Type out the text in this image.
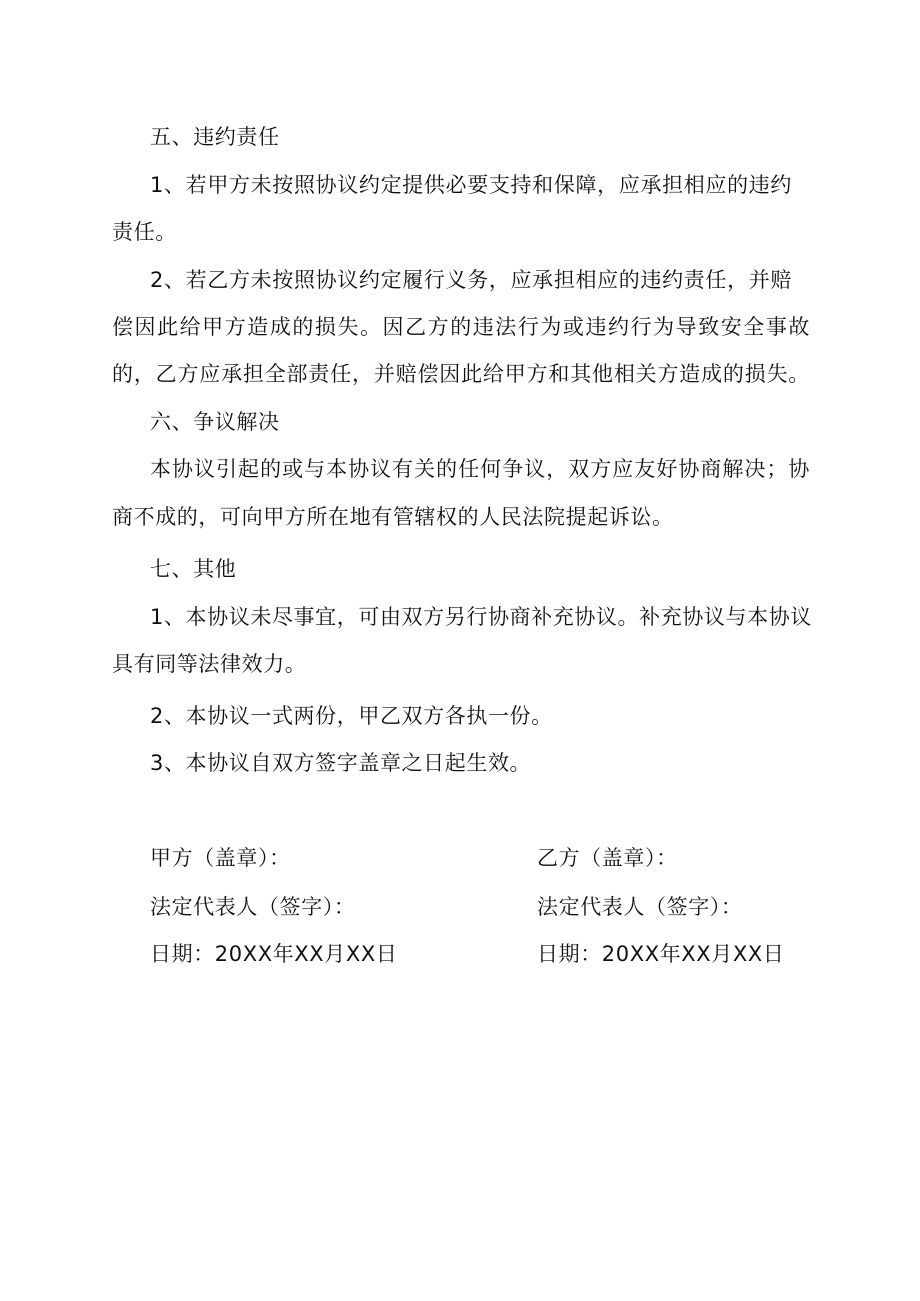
五、违约责任
1、若甲方未按照协议约定提供必要支持和保障，应承担相应的违约
责任。
2、若乙方未按照协议约定履行义务，应承担相应的违约责任，并赔
偿因此给甲方造成的损失。因乙方的违法行为或违约行为导致安全事故
的，乙方应承担全部责任，并赔偿因此给甲方和其他相关方造成的损失。
六、争议解决
本协议引起的或与本协议有关的任何争议，双方应友好协商解决；协
商不成的，可向甲方所在地有管辖权的人民法院提起诉讼。
七、其他
1、本协议未尽事宜，可由双方另行协商补充协议。补充协议与本协议
具有同等法律效力。
2、本协议一式两份，甲乙双方各执一份。
3、本协议自双方签字盖章之日起生效。
甲方（盖章）：
法定代表人（签字）：
日期：20XX年XX月XX日
乙方（盖章）：
法定代表人（签字）：
日期：20XX年XX月XX日
